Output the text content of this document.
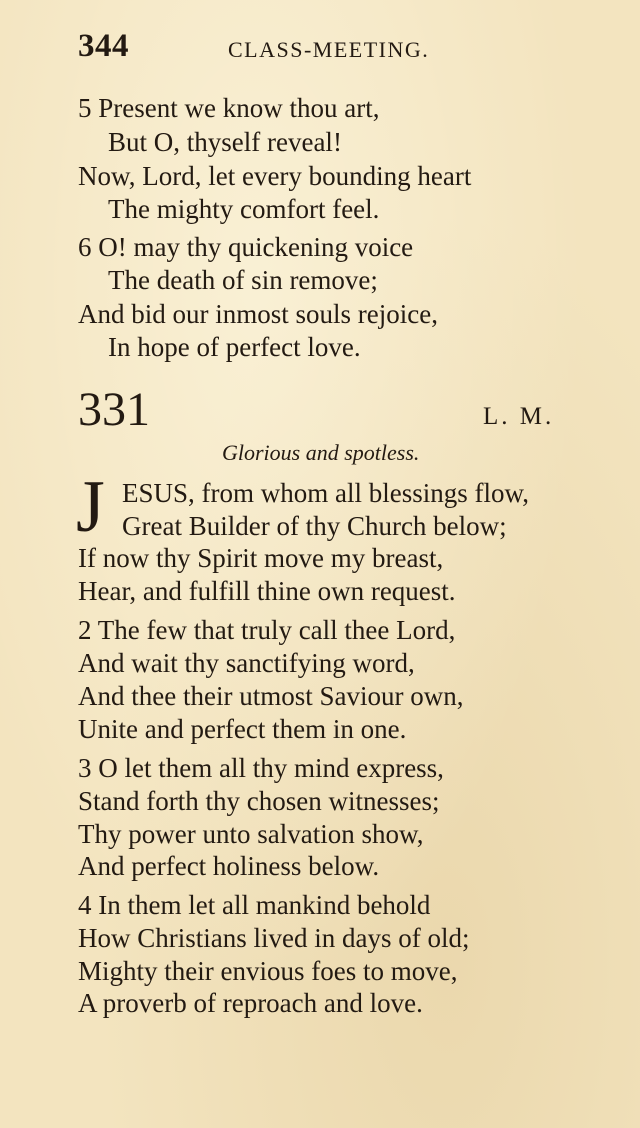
344	CLASS-MEETING.
5 Present we know thou art,
But O, thyself reveal!
Now, Lord, let every bounding heart
The mighty comfort feel.
6 O! may thy quickening voice
The death of sin remove;
And bid our inmost souls rejoice,
In hope of perfect love.
331	L. M.
Glorious and spotless.
J ESUS, from whom all blessings flow,
Great Builder of thy Church below;
If now thy Spirit move my breast,
Hear, and fulfill thine own request.
2 The few that truly call thee Lord,
And wait thy sanctifying word,
And thee their utmost Saviour own,
Unite and perfect them in one.
3 O let them all thy mind express,
Stand forth thy chosen witnesses;
Thy power unto salvation show,
And perfect holiness below.
4 In them let all mankind behold
How Christians lived in days of old;
Mighty their envious foes to move,
A proverb of reproach and love.
